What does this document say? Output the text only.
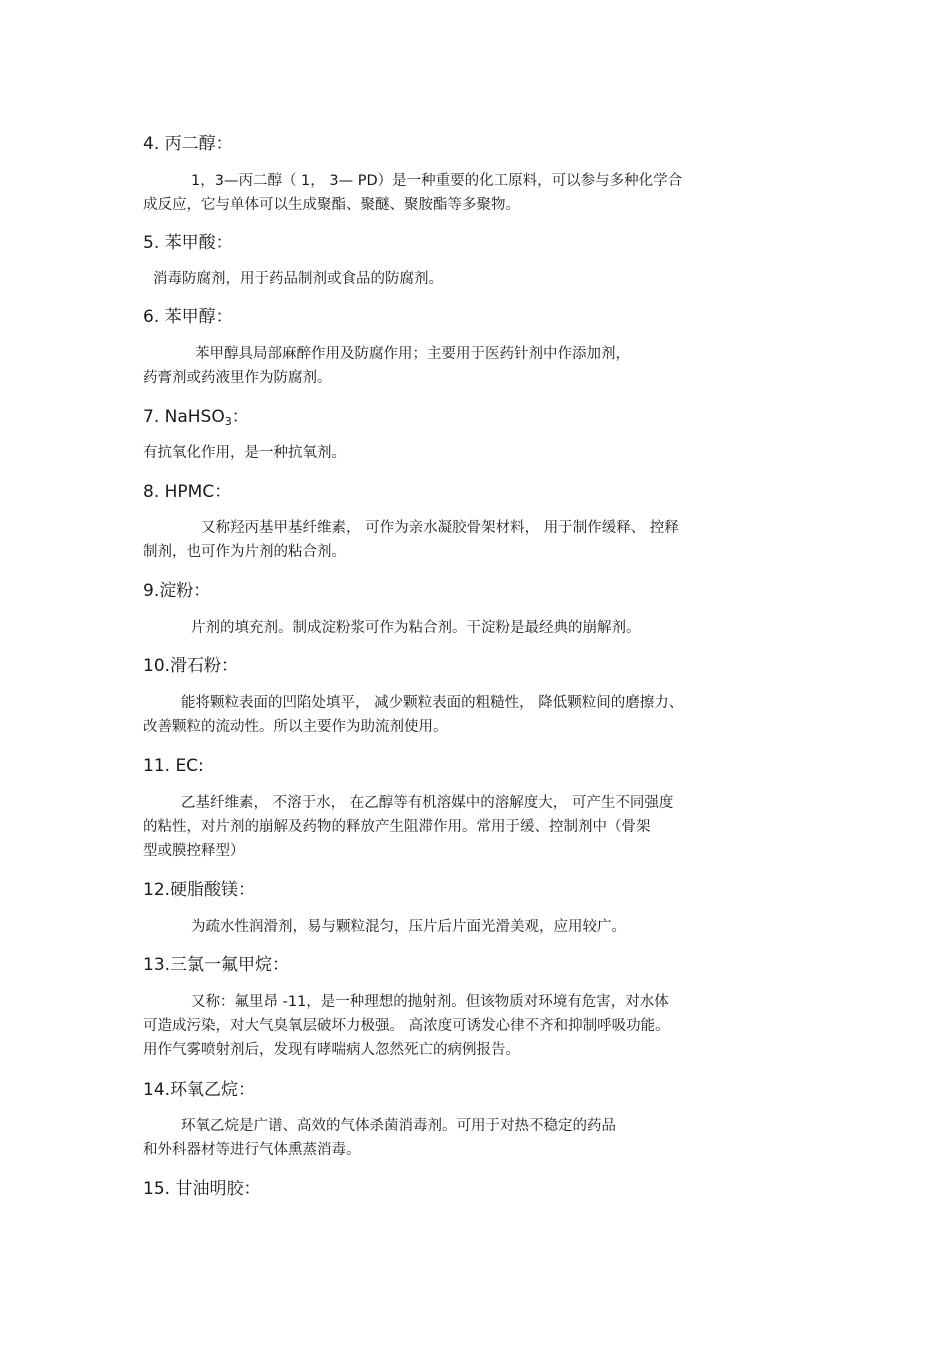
4. 丙二醇：

1，3—丙二醇（ 1， 3— PD）是一种重要的化工原料，可以参与多种化学合

成反应，它与单体可以生成聚酯、聚醚、聚胺酯等多聚物。

5. 苯甲酸：

消毒防腐剂，用于药品制剂或食品的防腐剂。

6. 苯甲醇：

苯甲醇具局部麻醉作用及防腐作用；主要用于医药针剂中作添加剂，

药膏剂或药液里作为防腐剂。

7. NaHSO$_3$：

有抗氧化作用，是一种抗氧剂。

8. HPMC：

又称羟丙基甲基纤维素， 可作为亲水凝胶骨架材料， 用于制作缓释、 控释

制剂，也可作为片剂的粘合剂。

9.淀粉：

片剂的填充剂。制成淀粉浆可作为粘合剂。干淀粉是最经典的崩解剂。

10.滑石粉：

能将颗粒表面的凹陷处填平， 减少颗粒表面的粗糙性， 降低颗粒间的磨擦力、

改善颗粒的流动性。所以主要作为助流剂使用。

11. EC:

乙基纤维素， 不溶于水， 在乙醇等有机溶媒中的溶解度大， 可产生不同强度

的粘性，对片剂的崩解及药物的释放产生阻滞作用。常用于缓、控制剂中（骨架

型或膜控释型）

12.硬脂酸镁：

为疏水性润滑剂，易与颗粒混匀，压片后片面光滑美观，应用较广。

13.三氯一氟甲烷：

又称：氟里昂 -11，是一种理想的抛射剂。但该物质对环境有危害，对水体

可造成污染，对大气臭氧层破坏力极强。 高浓度可诱发心律不齐和抑制呼吸功能。

用作气雾喷射剂后，发现有哮喘病人忽然死亡的病例报告。

14.环氧乙烷：

环氧乙烷是广谱、高效的气体杀菌消毒剂。可用于对热不稳定的药品

和外科器材等进行气体熏蒸消毒。

15. 甘油明胶：
